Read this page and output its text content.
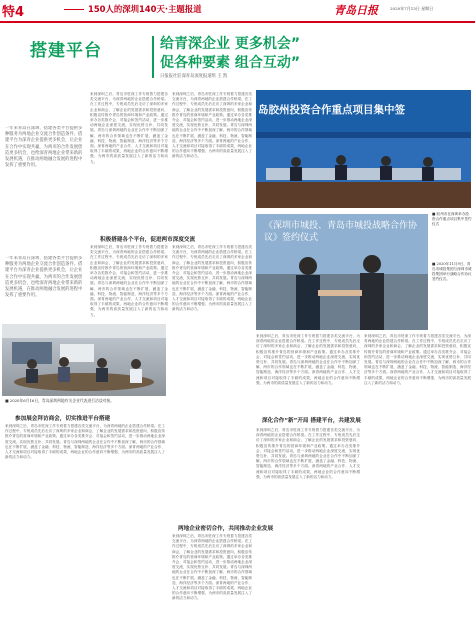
特4	150人的深圳140天·主题报道	青岛日报	2020年7月13日 星期日
搭建平台	给青深企业 更多机会”
促各种要素 组合互动”
日报报社驻深青岛深度报道组 王 凯
一年来青岛在深圳，搭建各类平台提供多种服务为两地企业交流合作创造条件。搭建平台为深青企业提供更多机会，让企业在合作中实现共赢，为两市的合作发展创造更多机会，也给深青两地企业带来新的发展机遇，在推动两地融合发展的进程中发挥了重要作用。
一年来青岛在深圳，搭建各类平台提供多种服务为两地企业交流合作创造条件。搭建平台为深青企业提供更多机会，让企业在合作中实现共赢，为两市的合作发展创造更多机会，也给深青两地企业带来新的发展机遇，在推动两地融合发展的进程中发挥了重要作用。
■ 2020年6月16日，青岛深圳两地有关企业代表进行洽谈对接。
参加展会拜访商会，切实推进平台搭建
来到深圳之后，青岛市驻深工作专班着力搭建各类交流平台，为深青两地的企业搭建合作桥梁。在工作过程中，专班成员先后走访了深圳的多家企业和商会，了解企业的发展需求和投资意向，积极宣传推介青岛的营商环境和产业政策。通过举办各类推介会、对接会和签约活动，进一步推动两地企业深度交流，实现优势互补、共同发展。青岛与深圳两地的企业在合作中不断加深了解，两市的合作领域也在不断扩展，涵盖了金融、科技、物流、智能制造、海洋经济等多个方面。深青两地的产业合作、人才交流和项目对接取得了丰硕的成果，两地企业的合作意向不断增强，为两市的高质量发展注入了新的活力和动力。
来到深圳之后，青岛市驻深工作专班着力搭建各类交流平台，为深青两地的企业搭建合作桥梁。在工作过程中，专班成员先后走访了深圳的多家企业和商会，了解企业的发展需求和投资意向，积极宣传推介青岛的营商环境和产业政策。通过举办各类推介会、对接会和签约活动，进一步推动两地企业深度交流，实现优势互补、共同发展。青岛与深圳两地的企业在合作中不断加深了解，两市的合作领域也在不断扩展，涵盖了金融、科技、物流、智能制造、海洋经济等多个方面。深青两地的产业合作、人才交流和项目对接取得了丰硕的成果，两地企业的合作意向不断增强，为两市的高质量发展注入了新的活力和动力。
积极搭建各个平台，促进两市深度交流
来到深圳之后，青岛市驻深工作专班着力搭建各类交流平台，为深青两地的企业搭建合作桥梁。在工作过程中，专班成员先后走访了深圳的多家企业和商会，了解企业的发展需求和投资意向，积极宣传推介青岛的营商环境和产业政策。通过举办各类推介会、对接会和签约活动，进一步推动两地企业深度交流，实现优势互补、共同发展。青岛与深圳两地的企业在合作中不断加深了解，两市的合作领域也在不断扩展，涵盖了金融、科技、物流、智能制造、海洋经济等多个方面。深青两地的产业合作、人才交流和项目对接取得了丰硕的成果，两地企业的合作意向不断增强，为两市的高质量发展注入了新的活力和动力。
来到深圳之后，青岛市驻深工作专班着力搭建各类交流平台，为深青两地的企业搭建合作桥梁。在工作过程中，专班成员先后走访了深圳的多家企业和商会，了解企业的发展需求和投资意向，积极宣传推介青岛的营商环境和产业政策。通过举办各类推介会、对接会和签约活动，进一步推动两地企业深度交流，实现优势互补、共同发展。青岛与深圳两地的企业在合作中不断加深了解，两市的合作领域也在不断扩展，涵盖了金融、科技、物流、智能制造、海洋经济等多个方面。深青两地的产业合作、人才交流和项目对接取得了丰硕的成果，两地企业的合作意向不断增强，为两市的高质量发展注入了新的活力和动力。
来到深圳之后，青岛市驻深工作专班着力搭建各类交流平台，为深青两地的企业搭建合作桥梁。在工作过程中，专班成员先后走访了深圳的多家企业和商会，了解企业的发展需求和投资意向，积极宣传推介青岛的营商环境和产业政策。通过举办各类推介会、对接会和签约活动，进一步推动两地企业深度交流，实现优势互补、共同发展。青岛与深圳两地的企业在合作中不断加深了解，两市的合作领域也在不断扩展，涵盖了金融、科技、物流、智能制造、海洋经济等多个方面。深青两地的产业合作、人才交流和项目对接取得了丰硕的成果，两地企业的合作意向不断增强，为两市的高质量发展注入了新的活力和动力。
两地企业密切合作，共同推动企业发展
来到深圳之后，青岛市驻深工作专班着力搭建各类交流平台，为深青两地的企业搭建合作桥梁。在工作过程中，专班成员先后走访了深圳的多家企业和商会，了解企业的发展需求和投资意向，积极宣传推介青岛的营商环境和产业政策。通过举办各类推介会、对接会和签约活动，进一步推动两地企业深度交流，实现优势互补、共同发展。青岛与深圳两地的企业在合作中不断加深了解，两市的合作领域也在不断扩展，涵盖了金融、科技、物流、智能制造、海洋经济等多个方面。深青两地的产业合作、人才交流和项目对接取得了丰硕的成果，两地企业的合作意向不断增强，为两市的高质量发展注入了新的活力和动力。
岛胶州投资合作重点项目集中签
■ 胶州市在深圳举办投资合作重点项目集中签约仪式
《深圳市城投、青岛市城投战略合作协议》签约仪式
■ 2020年11月9日，青岛市城投集团与深圳市城投集团举行战略合作协议签约仪式。
来到深圳之后，青岛市驻深工作专班着力搭建各类交流平台，为深青两地的企业搭建合作桥梁。在工作过程中，专班成员先后走访了深圳的多家企业和商会，了解企业的发展需求和投资意向，积极宣传推介青岛的营商环境和产业政策。通过举办各类推介会、对接会和签约活动，进一步推动两地企业深度交流，实现优势互补、共同发展。青岛与深圳两地的企业在合作中不断加深了解，两市的合作领域也在不断扩展，涵盖了金融、科技、物流、智能制造、海洋经济等多个方面。深青两地的产业合作、人才交流和项目对接取得了丰硕的成果，两地企业的合作意向不断增强，为两市的高质量发展注入了新的活力和动力。
深化合作“新”开局 搭建平台，共建发展
来到深圳之后，青岛市驻深工作专班着力搭建各类交流平台，为深青两地的企业搭建合作桥梁。在工作过程中，专班成员先后走访了深圳的多家企业和商会，了解企业的发展需求和投资意向，积极宣传推介青岛的营商环境和产业政策。通过举办各类推介会、对接会和签约活动，进一步推动两地企业深度交流，实现优势互补、共同发展。青岛与深圳两地的企业在合作中不断加深了解，两市的合作领域也在不断扩展，涵盖了金融、科技、物流、智能制造、海洋经济等多个方面。深青两地的产业合作、人才交流和项目对接取得了丰硕的成果，两地企业的合作意向不断增强，为两市的高质量发展注入了新的活力和动力。
来到深圳之后，青岛市驻深工作专班着力搭建各类交流平台，为深青两地的企业搭建合作桥梁。在工作过程中，专班成员先后走访了深圳的多家企业和商会，了解企业的发展需求和投资意向，积极宣传推介青岛的营商环境和产业政策。通过举办各类推介会、对接会和签约活动，进一步推动两地企业深度交流，实现优势互补、共同发展。青岛与深圳两地的企业在合作中不断加深了解，两市的合作领域也在不断扩展，涵盖了金融、科技、物流、智能制造、海洋经济等多个方面。深青两地的产业合作、人才交流和项目对接取得了丰硕的成果，两地企业的合作意向不断增强，为两市的高质量发展注入了新的活力和动力。
